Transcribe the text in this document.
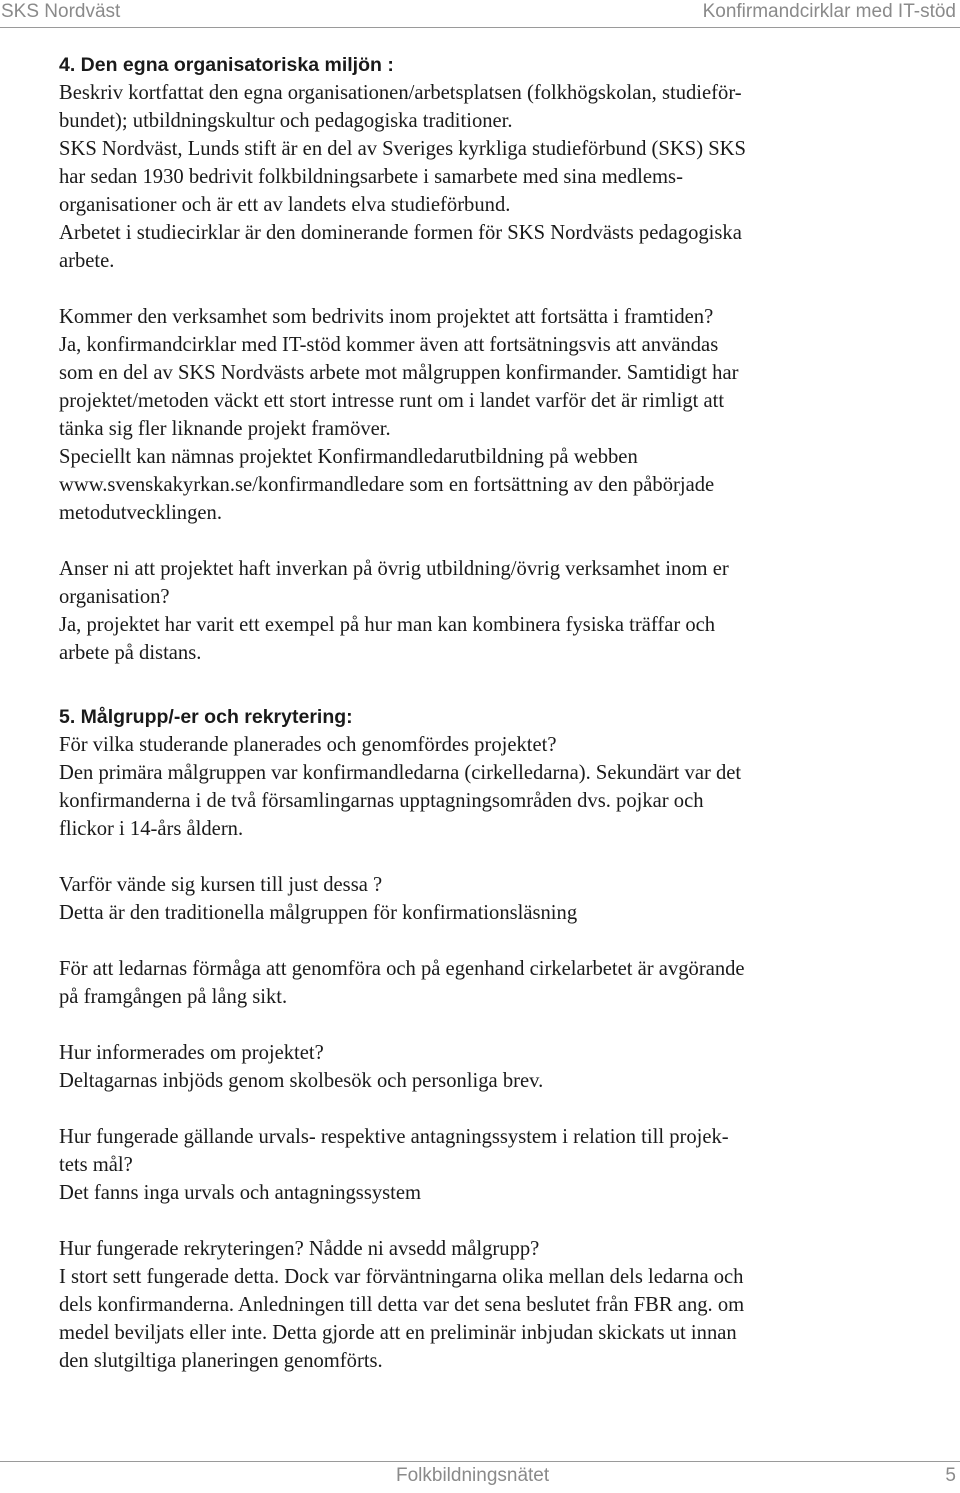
SKS Nordväst	Konfirmandcirklar med IT-stöd
4. Den egna organisatoriska miljön :
Beskriv kortfattat den egna organisationen/arbetsplatsen (folkhögskolan, studieför-
bundet); utbildningskultur och pedagogiska traditioner.
SKS Nordväst, Lunds stift är en del av Sveriges kyrkliga studieförbund (SKS) SKS
har sedan 1930 bedrivit folkbildningsarbete i samarbete med sina medlems-
organisationer och är ett av landets elva studieförbund.
Arbetet i studiecirklar är den dominerande formen för SKS Nordvästs pedagogiska
arbete.
Kommer den verksamhet som bedrivits inom projektet att fortsätta i framtiden?
Ja, konfirmandcirklar med IT-stöd kommer även att fortsätningsvis att användas
som en del av SKS Nordvästs arbete mot målgruppen konfirmander. Samtidigt har
projektet/metoden väckt ett stort intresse runt om i landet varför det är rimligt att
tänka sig fler liknande projekt framöver.
Speciellt kan nämnas projektet Konfirmandledarutbildning på webben
www.svenskakyrkan.se/konfirmandledare som en fortsättning av den påbörjade
metodutvecklingen.
Anser ni att projektet haft inverkan på övrig utbildning/övrig verksamhet inom er
organisation?
Ja, projektet har varit ett exempel på hur man kan kombinera fysiska träffar och
arbete på distans.
5. Målgrupp/-er och rekrytering:
För vilka studerande planerades och genomfördes projektet?
Den primära målgruppen var konfirmandledarna (cirkelledarna). Sekundärt var det
konfirmanderna i de två församlingarnas upptagningsområden dvs. pojkar och
flickor i 14-års åldern.
Varför vände sig kursen till just dessa ?
Detta är den traditionella målgruppen för konfirmationsläsning
För att ledarnas förmåga att genomföra och på egenhand cirkelarbetet är avgörande
på framgången på lång sikt.
Hur informerades om projektet?
Deltagarnas inbjöds genom skolbesök och personliga brev.
Hur fungerade gällande urvals- respektive antagningssystem i relation till projek-
tets mål?
Det fanns inga urvals och antagningssystem
Hur fungerade rekryteringen? Nådde ni avsedd målgrupp?
I stort sett fungerade detta. Dock var förväntningarna olika mellan dels ledarna och
dels konfirmanderna. Anledningen till detta var det sena beslutet från FBR ang. om
medel beviljats eller inte. Detta gjorde att en preliminär inbjudan skickats ut innan
den slutgiltiga planeringen genomförts.
Folkbildningsnätet	5
